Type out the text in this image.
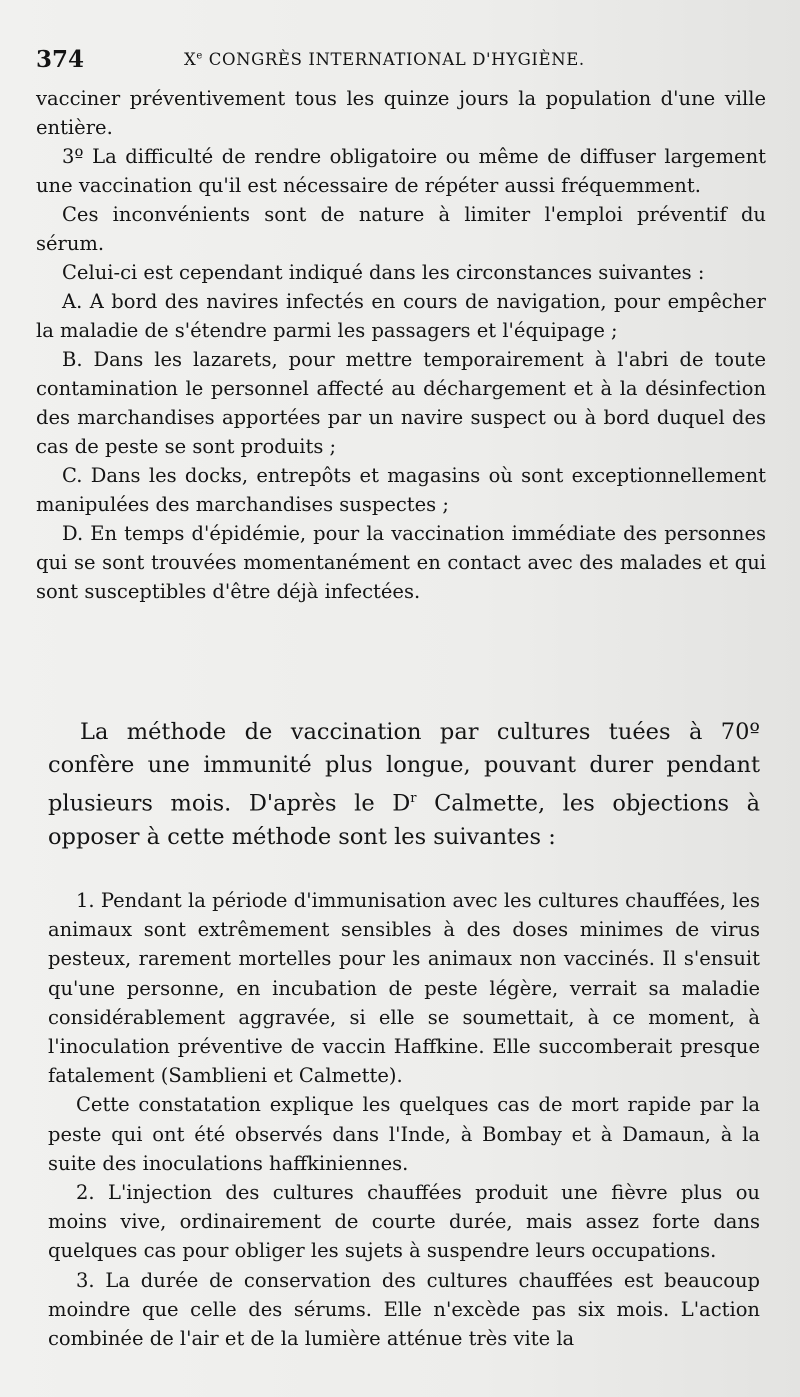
374	Xe CONGRÈS INTERNATIONAL D'HYGIÈNE.

vacciner préventivement tous les quinze jours la population d'une ville entière.

3º La difficulté de rendre obligatoire ou même de diffuser largement une vaccination qu'il est nécessaire de répéter aussi fréquemment.

Ces inconvénients sont de nature à limiter l'emploi préventif du sérum.

Celui-ci est cependant indiqué dans les circonstances suivantes :

A. A bord des navires infectés en cours de navigation, pour empêcher la maladie de s'étendre parmi les passagers et l'équipage ;

B. Dans les lazarets, pour mettre temporairement à l'abri de toute contamination le personnel affecté au déchargement et à la désinfection des marchandises apportées par un navire suspect ou à bord duquel des cas de peste se sont produits ;

C. Dans les docks, entrepôts et magasins où sont exceptionnellement manipulées des marchandises suspectes ;

D. En temps d'épidémie, pour la vaccination immédiate des personnes qui se sont trouvées momentanément en contact avec des malades et qui sont susceptibles d'être déjà infectées.

La méthode de vaccination par cultures tuées à 70º confère une immunité plus longue, pouvant durer pendant plusieurs mois. D'après le $D^r$ Calmette, les objections à opposer à cette méthode sont les suivantes :

1. Pendant la période d'immunisation avec les cultures chauffées, les animaux sont extrêmement sensibles à des doses minimes de virus pesteux, rarement mortelles pour les animaux non vaccinés. Il s'ensuit qu'une personne, en incubation de peste légère, verrait sa maladie considérablement aggravée, si elle se soumettait, à ce moment, à l'inoculation préventive de vaccin Haffkine. Elle succomberait presque fatalement (Samblieni et Calmette).

Cette constatation explique les quelques cas de mort rapide par la peste qui ont été observés dans l'Inde, à Bombay et à Damaun, à la suite des inoculations haffkiniennes.

2. L'injection des cultures chauffées produit une fièvre plus ou moins vive, ordinairement de courte durée, mais assez forte dans quelques cas pour obliger les sujets à suspendre leurs occupations.

3. La durée de conservation des cultures chauffées est beaucoup moindre que celle des sérums. Elle n'excède pas six mois. L'action combinée de l'air et de la lumière atténue très vite la
